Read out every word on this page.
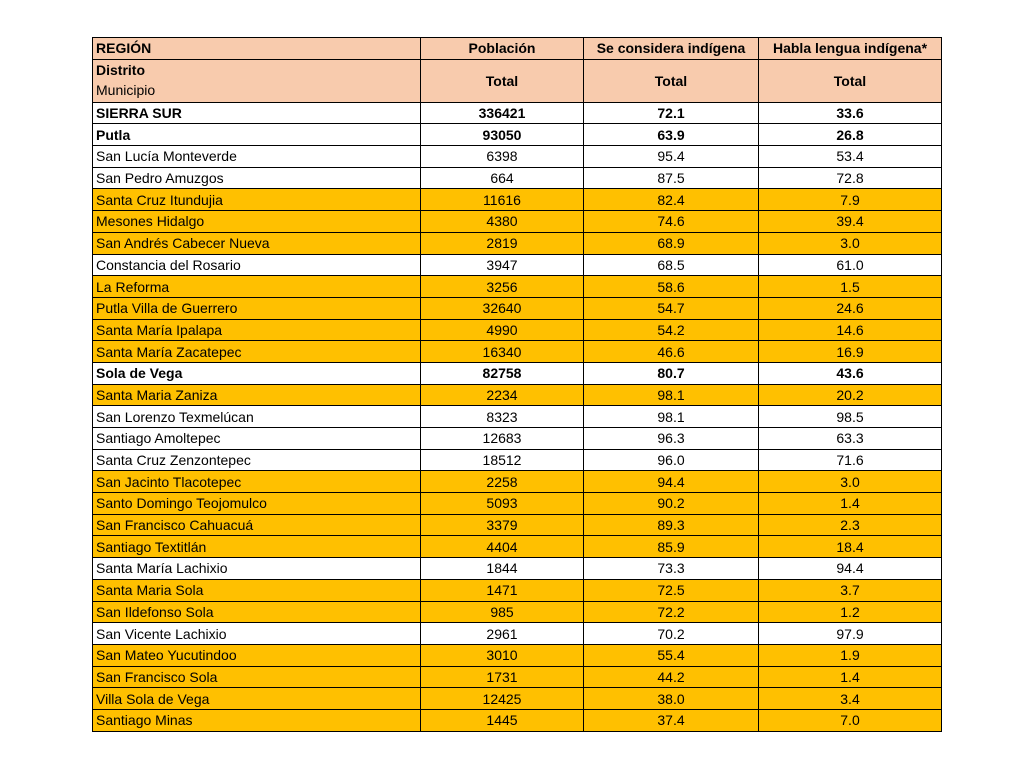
REGIÓN	Población	Se considera indígena	Habla lengua indígena*

Distrito
Municipio	Total	Total	Total
SIERRA SUR	336421	72.1	33.6
Putla	93050	63.9	26.8
San Lucía Monteverde	6398	95.4	53.4
San Pedro Amuzgos	664	87.5	72.8
Santa Cruz Itundujia	11616	82.4	7.9
Mesones Hidalgo	4380	74.6	39.4
San Andrés Cabecer Nueva	2819	68.9	3.0
Constancia del Rosario	3947	68.5	61.0
La Reforma	3256	58.6	1.5
Putla Villa de Guerrero	32640	54.7	24.6
Santa María Ipalapa	4990	54.2	14.6
Santa María Zacatepec	16340	46.6	16.9
Sola de Vega	82758	80.7	43.6
Santa Maria Zaniza	2234	98.1	20.2
San Lorenzo Texmelúcan	8323	98.1	98.5
Santiago Amoltepec	12683	96.3	63.3
Santa Cruz Zenzontepec	18512	96.0	71.6
San Jacinto Tlacotepec	2258	94.4	3.0
Santo Domingo Teojomulco	5093	90.2	1.4
San Francisco Cahuacuá	3379	89.3	2.3
Santiago Textitlán	4404	85.9	18.4
Santa María Lachixio	1844	73.3	94.4
Santa Maria Sola	1471	72.5	3.7
San Ildefonso Sola	985	72.2	1.2
San Vicente Lachixio	2961	70.2	97.9
San Mateo Yucutindoo	3010	55.4	1.9
San Francisco Sola	1731	44.2	1.4
Villa Sola de Vega	12425	38.0	3.4
Santiago Minas	1445	37.4	7.0
